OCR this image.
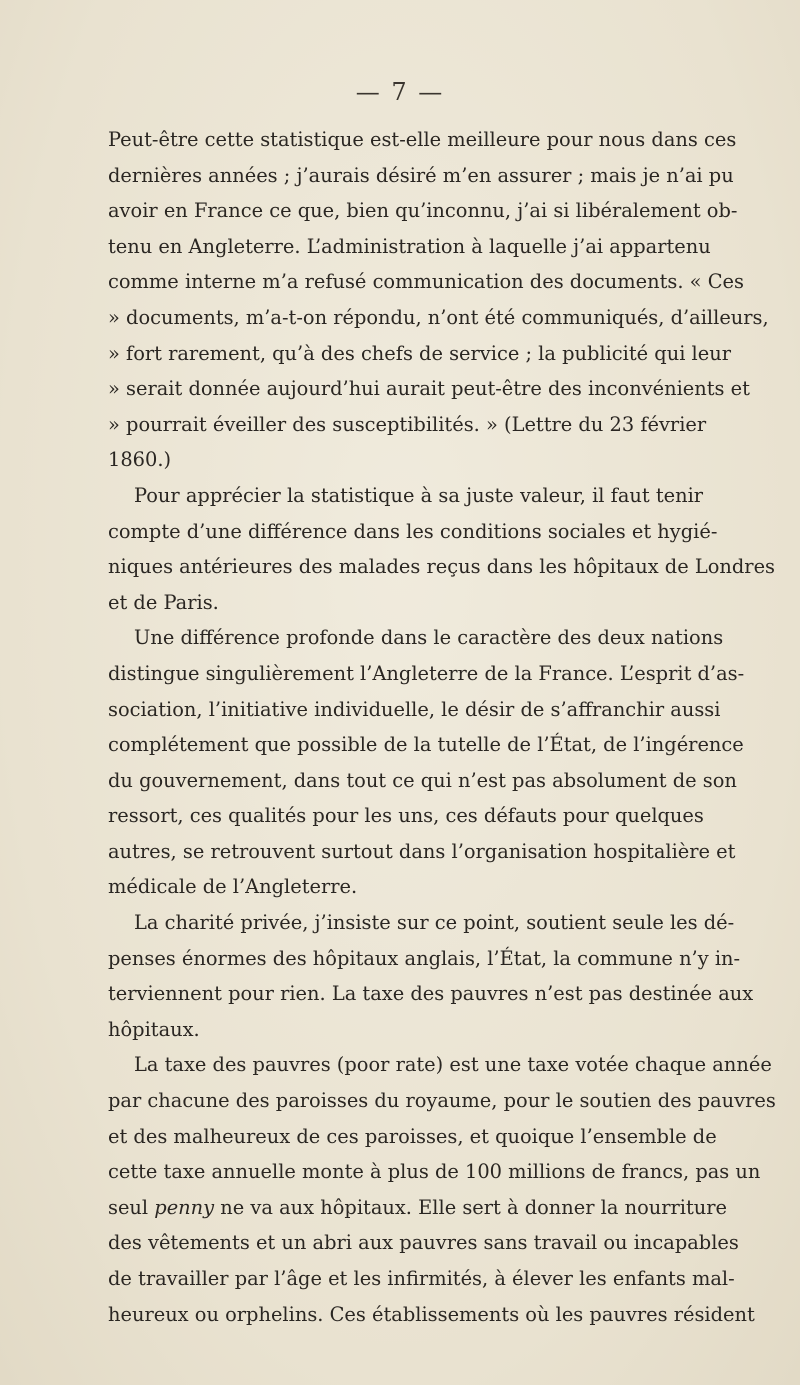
— 7 —
Peut-être cette statistique est-elle meilleure pour nous dans ces
dernières années ; j’aurais désiré m’en assurer ; mais je n’ai pu
avoir en France ce que, bien qu’inconnu, j’ai si libéralement ob-
tenu en Angleterre. L’administration à laquelle j’ai appartenu
comme interne m’a refusé communication des documents. « Ces
» documents, m’a-t-on répondu, n’ont été communiqués, d’ailleurs,
» fort rarement, qu’à des chefs de service ; la publicité qui leur
» serait donnée aujourd’hui aurait peut-être des inconvénients et
» pourrait éveiller des susceptibilités. » (Lettre du 23 février
1860.)
Pour apprécier la statistique à sa juste valeur, il faut tenir
compte d’une différence dans les conditions sociales et hygié-
niques antérieures des malades reçus dans les hôpitaux de Londres
et de Paris.
Une différence profonde dans le caractère des deux nations
distingue singulièrement l’Angleterre de la France. L’esprit d’as-
sociation, l’initiative individuelle, le désir de s’affranchir aussi
complétement que possible de la tutelle de l’État, de l’ingérence
du gouvernement, dans tout ce qui n’est pas absolument de son
ressort, ces qualités pour les uns, ces défauts pour quelques
autres, se retrouvent surtout dans l’organisation hospitalière et
médicale de l’Angleterre.
La charité privée, j’insiste sur ce point, soutient seule les dé-
penses énormes des hôpitaux anglais, l’État, la commune n’y in-
terviennent pour rien. La taxe des pauvres n’est pas destinée aux
hôpitaux.
La taxe des pauvres (poor rate) est une taxe votée chaque année
par chacune des paroisses du royaume, pour le soutien des pauvres
et des malheureux de ces paroisses, et quoique l’ensemble de
cette taxe annuelle monte à plus de 100 millions de francs, pas un
seul penny ne va aux hôpitaux. Elle sert à donner la nourriture
des vêtements et un abri aux pauvres sans travail ou incapables
de travailler par l’âge et les infirmités, à élever les enfants mal-
heureux ou orphelins. Ces établissements où les pauvres résident
